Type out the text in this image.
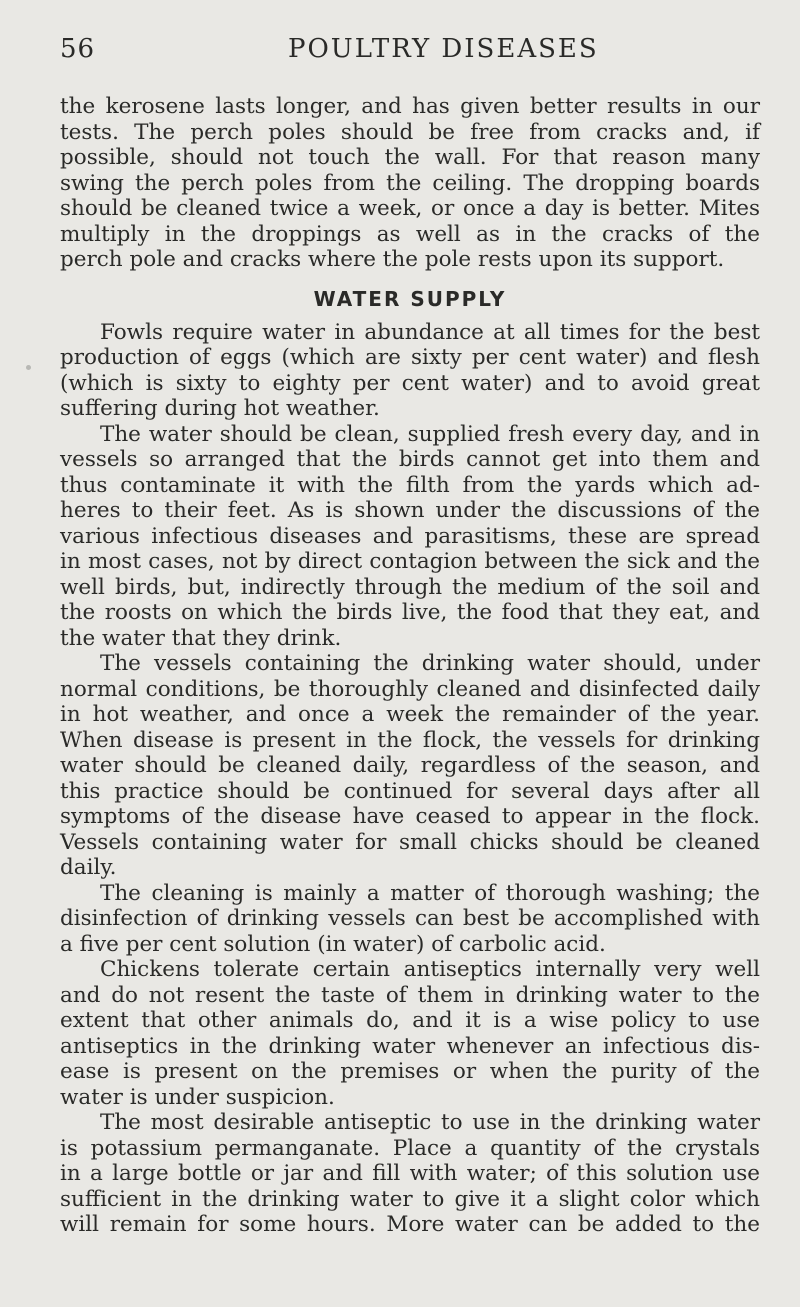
56	POULTRY DISEASES
the kerosene lasts longer, and has given better results in our
tests. The perch poles should be free from cracks and, if
possible, should not touch the wall. For that reason many
swing the perch poles from the ceiling. The dropping boards
should be cleaned twice a week, or once a day is better. Mites
multiply in the droppings as well as in the cracks of the
perch pole and cracks where the pole rests upon its support.
WATER SUPPLY
Fowls require water in abundance at all times for the best
production of eggs (which are sixty per cent water) and flesh
(which is sixty to eighty per cent water) and to avoid great
suffering during hot weather.
The water should be clean, supplied fresh every day, and in
vessels so arranged that the birds cannot get into them and
thus contaminate it with the filth from the yards which ad-
heres to their feet. As is shown under the discussions of the
various infectious diseases and parasitisms, these are spread
in most cases, not by direct contagion between the sick and the
well birds, but, indirectly through the medium of the soil and
the roosts on which the birds live, the food that they eat, and
the water that they drink.
The vessels containing the drinking water should, under
normal conditions, be thoroughly cleaned and disinfected daily
in hot weather, and once a week the remainder of the year.
When disease is present in the flock, the vessels for drinking
water should be cleaned daily, regardless of the season, and
this practice should be continued for several days after all
symptoms of the disease have ceased to appear in the flock.
Vessels containing water for small chicks should be cleaned
daily.
The cleaning is mainly a matter of thorough washing; the
disinfection of drinking vessels can best be accomplished with
a five per cent solution (in water) of carbolic acid.
Chickens tolerate certain antiseptics internally very well
and do not resent the taste of them in drinking water to the
extent that other animals do, and it is a wise policy to use
antiseptics in the drinking water whenever an infectious dis-
ease is present on the premises or when the purity of the
water is under suspicion.
The most desirable antiseptic to use in the drinking water
is potassium permanganate. Place a quantity of the crystals
in a large bottle or jar and fill with water; of this solution use
sufficient in the drinking water to give it a slight color which
will remain for some hours. More water can be added to the
